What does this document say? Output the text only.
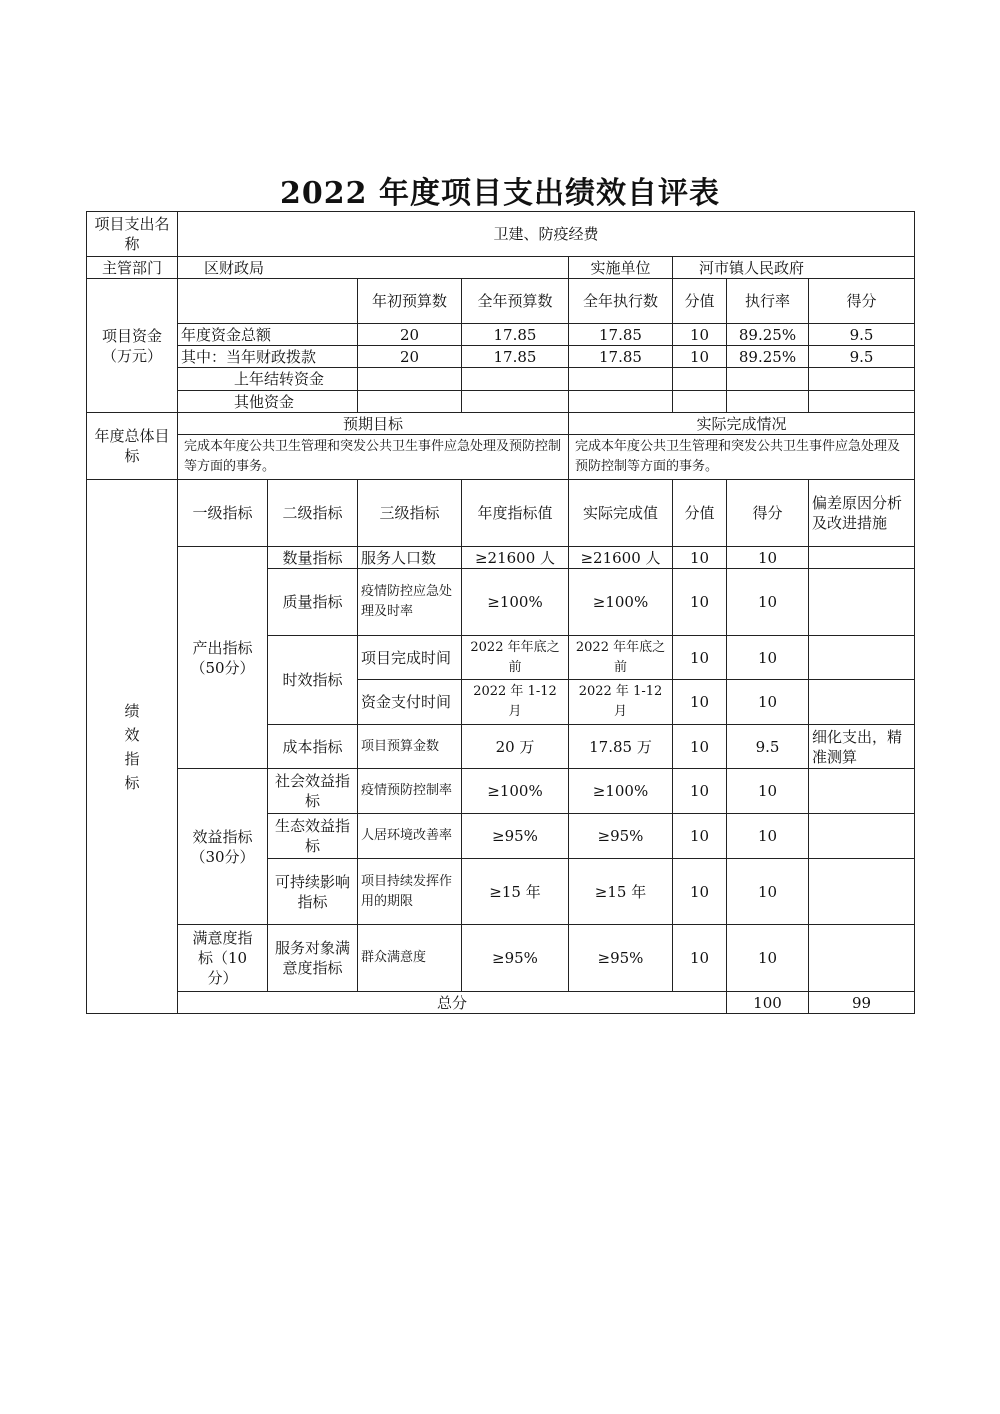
2022 年度项目支出绩效自评表
项目支出名称	卫建、防疫经费								
主管部门	区财政局				实施单位	河市镇人民政府			
项目资金（万元）			年初预算数	全年预算数	全年执行数	分值	执行率	得分	
	年度资金总额		20	17.85	17.85	10	89.25%	9.5	
	其中：当年财政拨款		20	17.85	17.85	10	89.25%	9.5	
	上年结转资金								
	其他资金								
年度总体目标	预期目标				实际完成情况				
	完成本年度公共卫生管理和突发公共卫生事件应急处理及预防控制等方面的事务。				完成本年度公共卫生管理和突发公共卫生事件应急处理及预防控制等方面的事务。				
绩效指标	一级指标	二级指标	三级指标	年度指标值	实际完成值	分值	得分	偏差原因分析及改进措施	
	产出指标（50分）	数量指标	服务人口数	≥21600 人	≥21600 人	10	10		
		质量指标	疫情防控应急处理及时率	≥100%	≥100%	10	10		
		时效指标	项目完成时间	2022 年年底之前	2022 年年底之前	10	10		
			资金支付时间	2022 年 1-12 月	2022 年 1-12 月	10	10		
		成本指标	项目预算金数	20 万	17.85 万	10	9.5	细化支出，精准测算	
	效益指标（30分）	社会效益指标	疫情预防控制率	≥100%	≥100%	10	10		
		生态效益指标	人居环境改善率	≥95%	≥95%	10	10		
		可持续影响指标	项目持续发挥作用的期限	≥15 年	≥15 年	10	10		
	满意度指标（10分）	服务对象满意度指标	群众满意度	≥95%	≥95%	10	10		
	总分						100	99	
